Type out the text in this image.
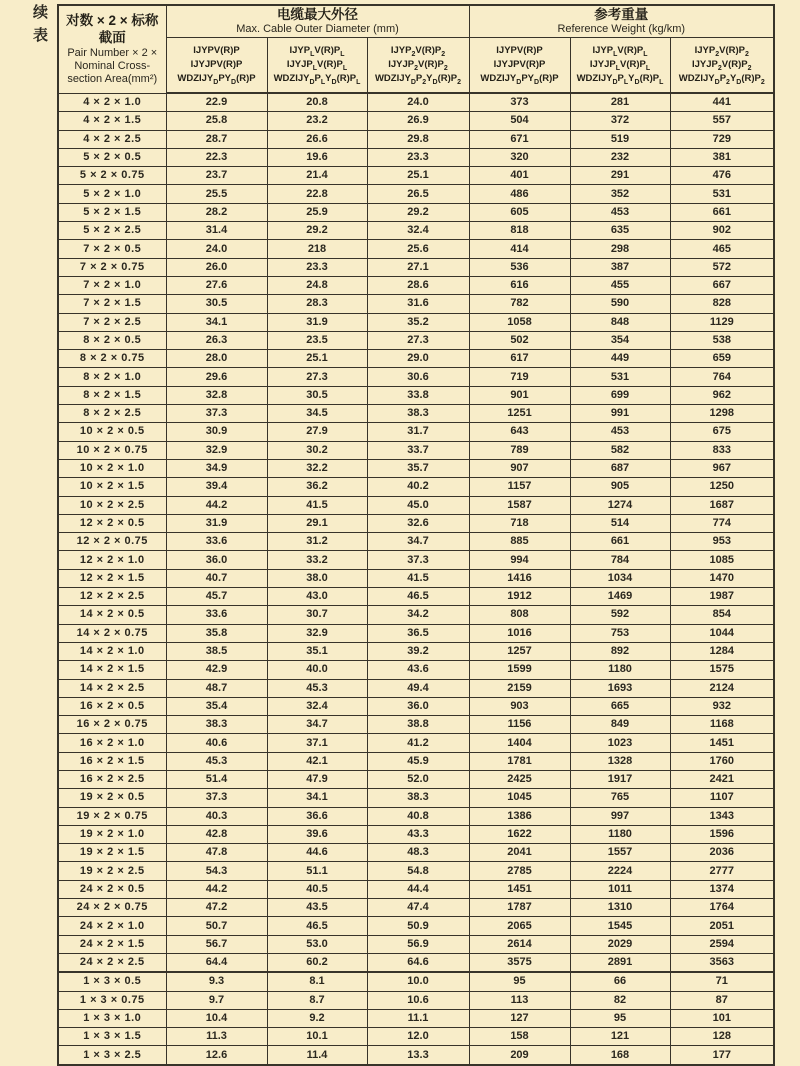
续
表
对数 × 2 × 标称
截面
Pair Number × 2 ×
Nominal Cross-
section Area(mm²)

电缆最大外径
Max. Cable Outer Diameter (mm)

参考重量
Reference Weight (kg/km)

IJYPV(R)P
IJYJPV(R)P
$WDZIJY_DPY_D(R)P$

$IJYP_LV(R)P_L$
$IJYJP_LV(R)P_L$
$WDZIJY_DP_LY_D(R)P_L$

$IJYP_2V(R)P_2$
$IJYJP_2V(R)P_2$
$WDZIJY_DP_2Y_D(R)P_2$

IJYPV(R)P
IJYJPV(R)P
$WDZIJY_DPY_D(R)P$

$IJYP_LV(R)P_L$
$IJYJP_LV(R)P_L$
$WDZIJY_DP_LY_D(R)P_L$

$IJYP_2V(R)P_2$
$IJYJP_2V(R)P_2$
$WDZIJY_DP_2Y_D(R)P_2$

4 × 2 × 1.0	22.9	20.8	24.0	373	281	441
4 × 2 × 1.5	25.8	23.2	26.9	504	372	557
4 × 2 × 2.5	28.7	26.6	29.8	671	519	729
5 × 2 × 0.5	22.3	19.6	23.3	320	232	381
5 × 2 × 0.75	23.7	21.4	25.1	401	291	476
5 × 2 × 1.0	25.5	22.8	26.5	486	352	531
5 × 2 × 1.5	28.2	25.9	29.2	605	453	661
5 × 2 × 2.5	31.4	29.2	32.4	818	635	902
7 × 2 × 0.5	24.0	218	25.6	414	298	465
7 × 2 × 0.75	26.0	23.3	27.1	536	387	572
7 × 2 × 1.0	27.6	24.8	28.6	616	455	667
7 × 2 × 1.5	30.5	28.3	31.6	782	590	828
7 × 2 × 2.5	34.1	31.9	35.2	1058	848	1129
8 × 2 × 0.5	26.3	23.5	27.3	502	354	538
8 × 2 × 0.75	28.0	25.1	29.0	617	449	659
8 × 2 × 1.0	29.6	27.3	30.6	719	531	764
8 × 2 × 1.5	32.8	30.5	33.8	901	699	962
8 × 2 × 2.5	37.3	34.5	38.3	1251	991	1298
10 × 2 × 0.5	30.9	27.9	31.7	643	453	675
10 × 2 × 0.75	32.9	30.2	33.7	789	582	833
10 × 2 × 1.0	34.9	32.2	35.7	907	687	967
10 × 2 × 1.5	39.4	36.2	40.2	1157	905	1250
10 × 2 × 2.5	44.2	41.5	45.0	1587	1274	1687
12 × 2 × 0.5	31.9	29.1	32.6	718	514	774
12 × 2 × 0.75	33.6	31.2	34.7	885	661	953
12 × 2 × 1.0	36.0	33.2	37.3	994	784	1085
12 × 2 × 1.5	40.7	38.0	41.5	1416	1034	1470
12 × 2 × 2.5	45.7	43.0	46.5	1912	1469	1987
14 × 2 × 0.5	33.6	30.7	34.2	808	592	854
14 × 2 × 0.75	35.8	32.9	36.5	1016	753	1044
14 × 2 × 1.0	38.5	35.1	39.2	1257	892	1284
14 × 2 × 1.5	42.9	40.0	43.6	1599	1180	1575
14 × 2 × 2.5	48.7	45.3	49.4	2159	1693	2124
16 × 2 × 0.5	35.4	32.4	36.0	903	665	932
16 × 2 × 0.75	38.3	34.7	38.8	1156	849	1168
16 × 2 × 1.0	40.6	37.1	41.2	1404	1023	1451
16 × 2 × 1.5	45.3	42.1	45.9	1781	1328	1760
16 × 2 × 2.5	51.4	47.9	52.0	2425	1917	2421
19 × 2 × 0.5	37.3	34.1	38.3	1045	765	1107
19 × 2 × 0.75	40.3	36.6	40.8	1386	997	1343
19 × 2 × 1.0	42.8	39.6	43.3	1622	1180	1596
19 × 2 × 1.5	47.8	44.6	48.3	2041	1557	2036
19 × 2 × 2.5	54.3	51.1	54.8	2785	2224	2777
24 × 2 × 0.5	44.2	40.5	44.4	1451	1011	1374
24 × 2 × 0.75	47.2	43.5	47.4	1787	1310	1764
24 × 2 × 1.0	50.7	46.5	50.9	2065	1545	2051
24 × 2 × 1.5	56.7	53.0	56.9	2614	2029	2594
24 × 2 × 2.5	64.4	60.2	64.6	3575	2891	3563
1 × 3 × 0.5	9.3	8.1	10.0	95	66	71
1 × 3 × 0.75	9.7	8.7	10.6	113	82	87
1 × 3 × 1.0	10.4	9.2	11.1	127	95	101
1 × 3 × 1.5	11.3	10.1	12.0	158	121	128
1 × 3 × 2.5	12.6	11.4	13.3	209	168	177
